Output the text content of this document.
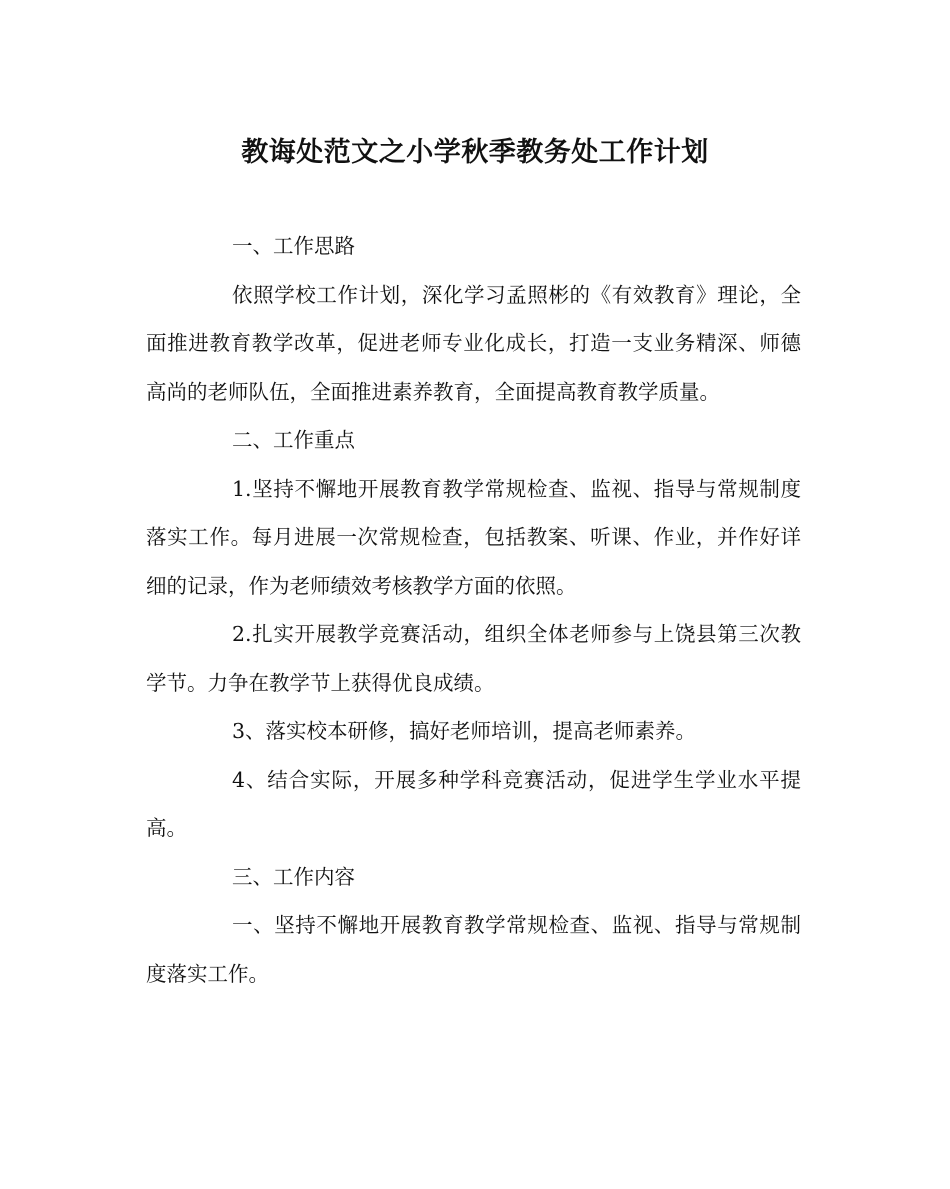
教诲处范文之小学秋季教务处工作计划

一、工作思路

依照学校工作计划，深化学习孟照彬的《有效教育》理论，全面推进教育教学改革，促进老师专业化成长，打造一支业务精深、师德高尚的老师队伍，全面推进素养教育，全面提高教育教学质量。

二、工作重点

1.坚持不懈地开展教育教学常规检查、监视、指导与常规制度落实工作。每月进展一次常规检查，包括教案、听课、作业，并作好详细的记录，作为老师绩效考核教学方面的依照。

2.扎实开展教学竞赛活动，组织全体老师参与上饶县第三次教学节。力争在教学节上获得优良成绩。

3、落实校本研修，搞好老师培训，提高老师素养。

4、结合实际，开展多种学科竞赛活动，促进学生学业水平提高。

三、工作内容

一、坚持不懈地开展教育教学常规检查、监视、指导与常规制度落实工作。
